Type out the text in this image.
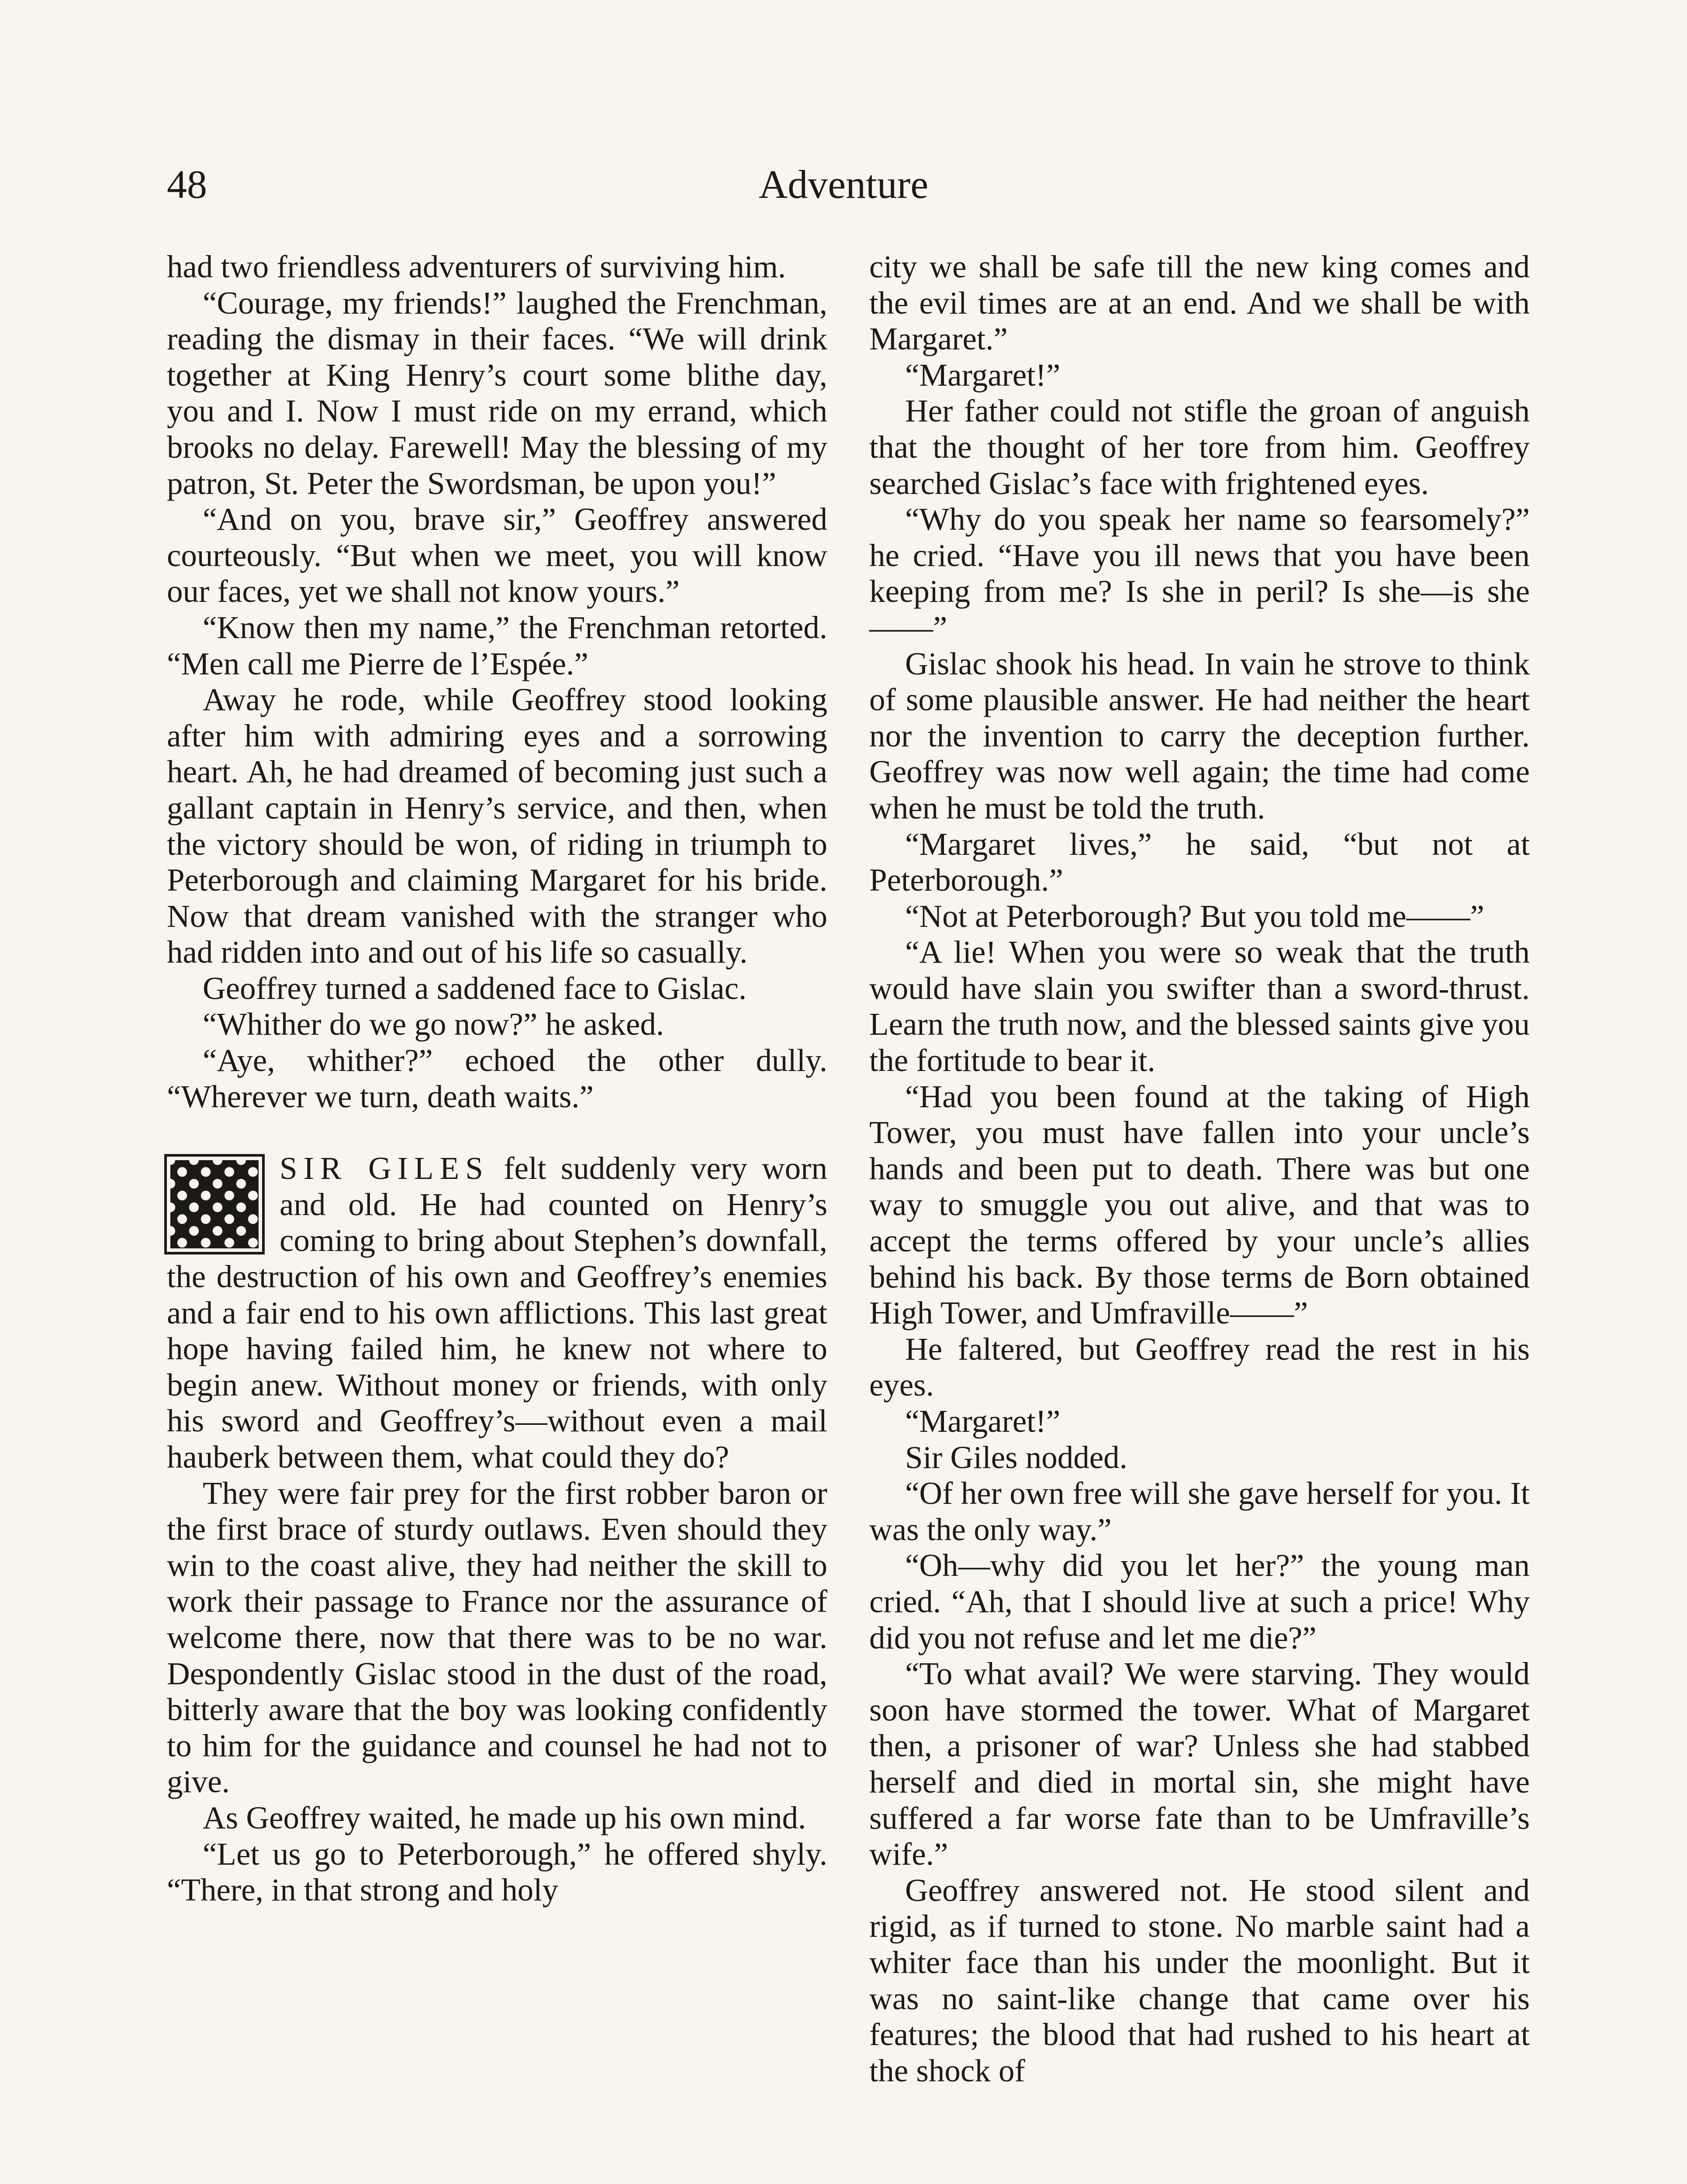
48	Adventure

had two friendless adventurers of surviving him.

“Courage, my friends!” laughed the Frenchman, reading the dismay in their faces. “We will drink together at King Henry’s court some blithe day, you and I. Now I must ride on my errand, which brooks no delay. Farewell! May the blessing of my patron, St. Peter the Swordsman, be upon you!”

“And on you, brave sir,” Geoffrey answered courteously. “But when we meet, you will know our faces, yet we shall not know yours.”

“Know then my name,” the Frenchman retorted. “Men call me Pierre de l’Espée.”

Away he rode, while Geoffrey stood looking after him with admiring eyes and a sorrowing heart. Ah, he had dreamed of becoming just such a gallant captain in Henry’s service, and then, when the victory should be won, of riding in triumph to Peterborough and claiming Margaret for his bride. Now that dream vanished with the stranger who had ridden into and out of his life so casually.

Geoffrey turned a saddened face to Gislac.

“Whither do we go now?” he asked.

“Aye, whither?” echoed the other dully. “Wherever we turn, death waits.”

SIR GILES felt suddenly very worn and old. He had counted on Henry’s coming to bring about Stephen’s downfall, the destruction of his own and Geoffrey’s enemies and a fair end to his own afflictions. This last great hope having failed him, he knew not where to begin anew. Without money or friends, with only his sword and Geoffrey’s—without even a mail hauberk between them, what could they do?

They were fair prey for the first robber baron or the first brace of sturdy outlaws. Even should they win to the coast alive, they had neither the skill to work their passage to France nor the assurance of welcome there, now that there was to be no war. Despondently Gislac stood in the dust of the road, bitterly aware that the boy was looking confidently to him for the guidance and counsel he had not to give.

As Geoffrey waited, he made up his own mind.

“Let us go to Peterborough,” he offered shyly. “There, in that strong and holy

city we shall be safe till the new king comes and the evil times are at an end. And we shall be with Margaret.”

“Margaret!”

Her father could not stifle the groan of anguish that the thought of her tore from him. Geoffrey searched Gislac’s face with frightened eyes.

“Why do you speak her name so fearsomely?” he cried. “Have you ill news that you have been keeping from me? Is she in peril? Is she—is she——”

Gislac shook his head. In vain he strove to think of some plausible answer. He had neither the heart nor the invention to carry the deception further. Geoffrey was now well again; the time had come when he must be told the truth.

“Margaret lives,” he said, “but not at Peterborough.”

“Not at Peterborough? But you told me——”

“A lie! When you were so weak that the truth would have slain you swifter than a sword-thrust. Learn the truth now, and the blessed saints give you the fortitude to bear it.

“Had you been found at the taking of High Tower, you must have fallen into your uncle’s hands and been put to death. There was but one way to smuggle you out alive, and that was to accept the terms offered by your uncle’s allies behind his back. By those terms de Born obtained High Tower, and Umfraville——”

He faltered, but Geoffrey read the rest in his eyes.

“Margaret!”

Sir Giles nodded.

“Of her own free will she gave herself for you. It was the only way.”

“Oh—why did you let her?” the young man cried. “Ah, that I should live at such a price! Why did you not refuse and let me die?”

“To what avail? We were starving. They would soon have stormed the tower. What of Margaret then, a prisoner of war? Unless she had stabbed herself and died in mortal sin, she might have suffered a far worse fate than to be Umfraville’s wife.”

Geoffrey answered not. He stood silent and rigid, as if turned to stone. No marble saint had a whiter face than his under the moonlight. But it was no saint-like change that came over his features; the blood that had rushed to his heart at the shock of
